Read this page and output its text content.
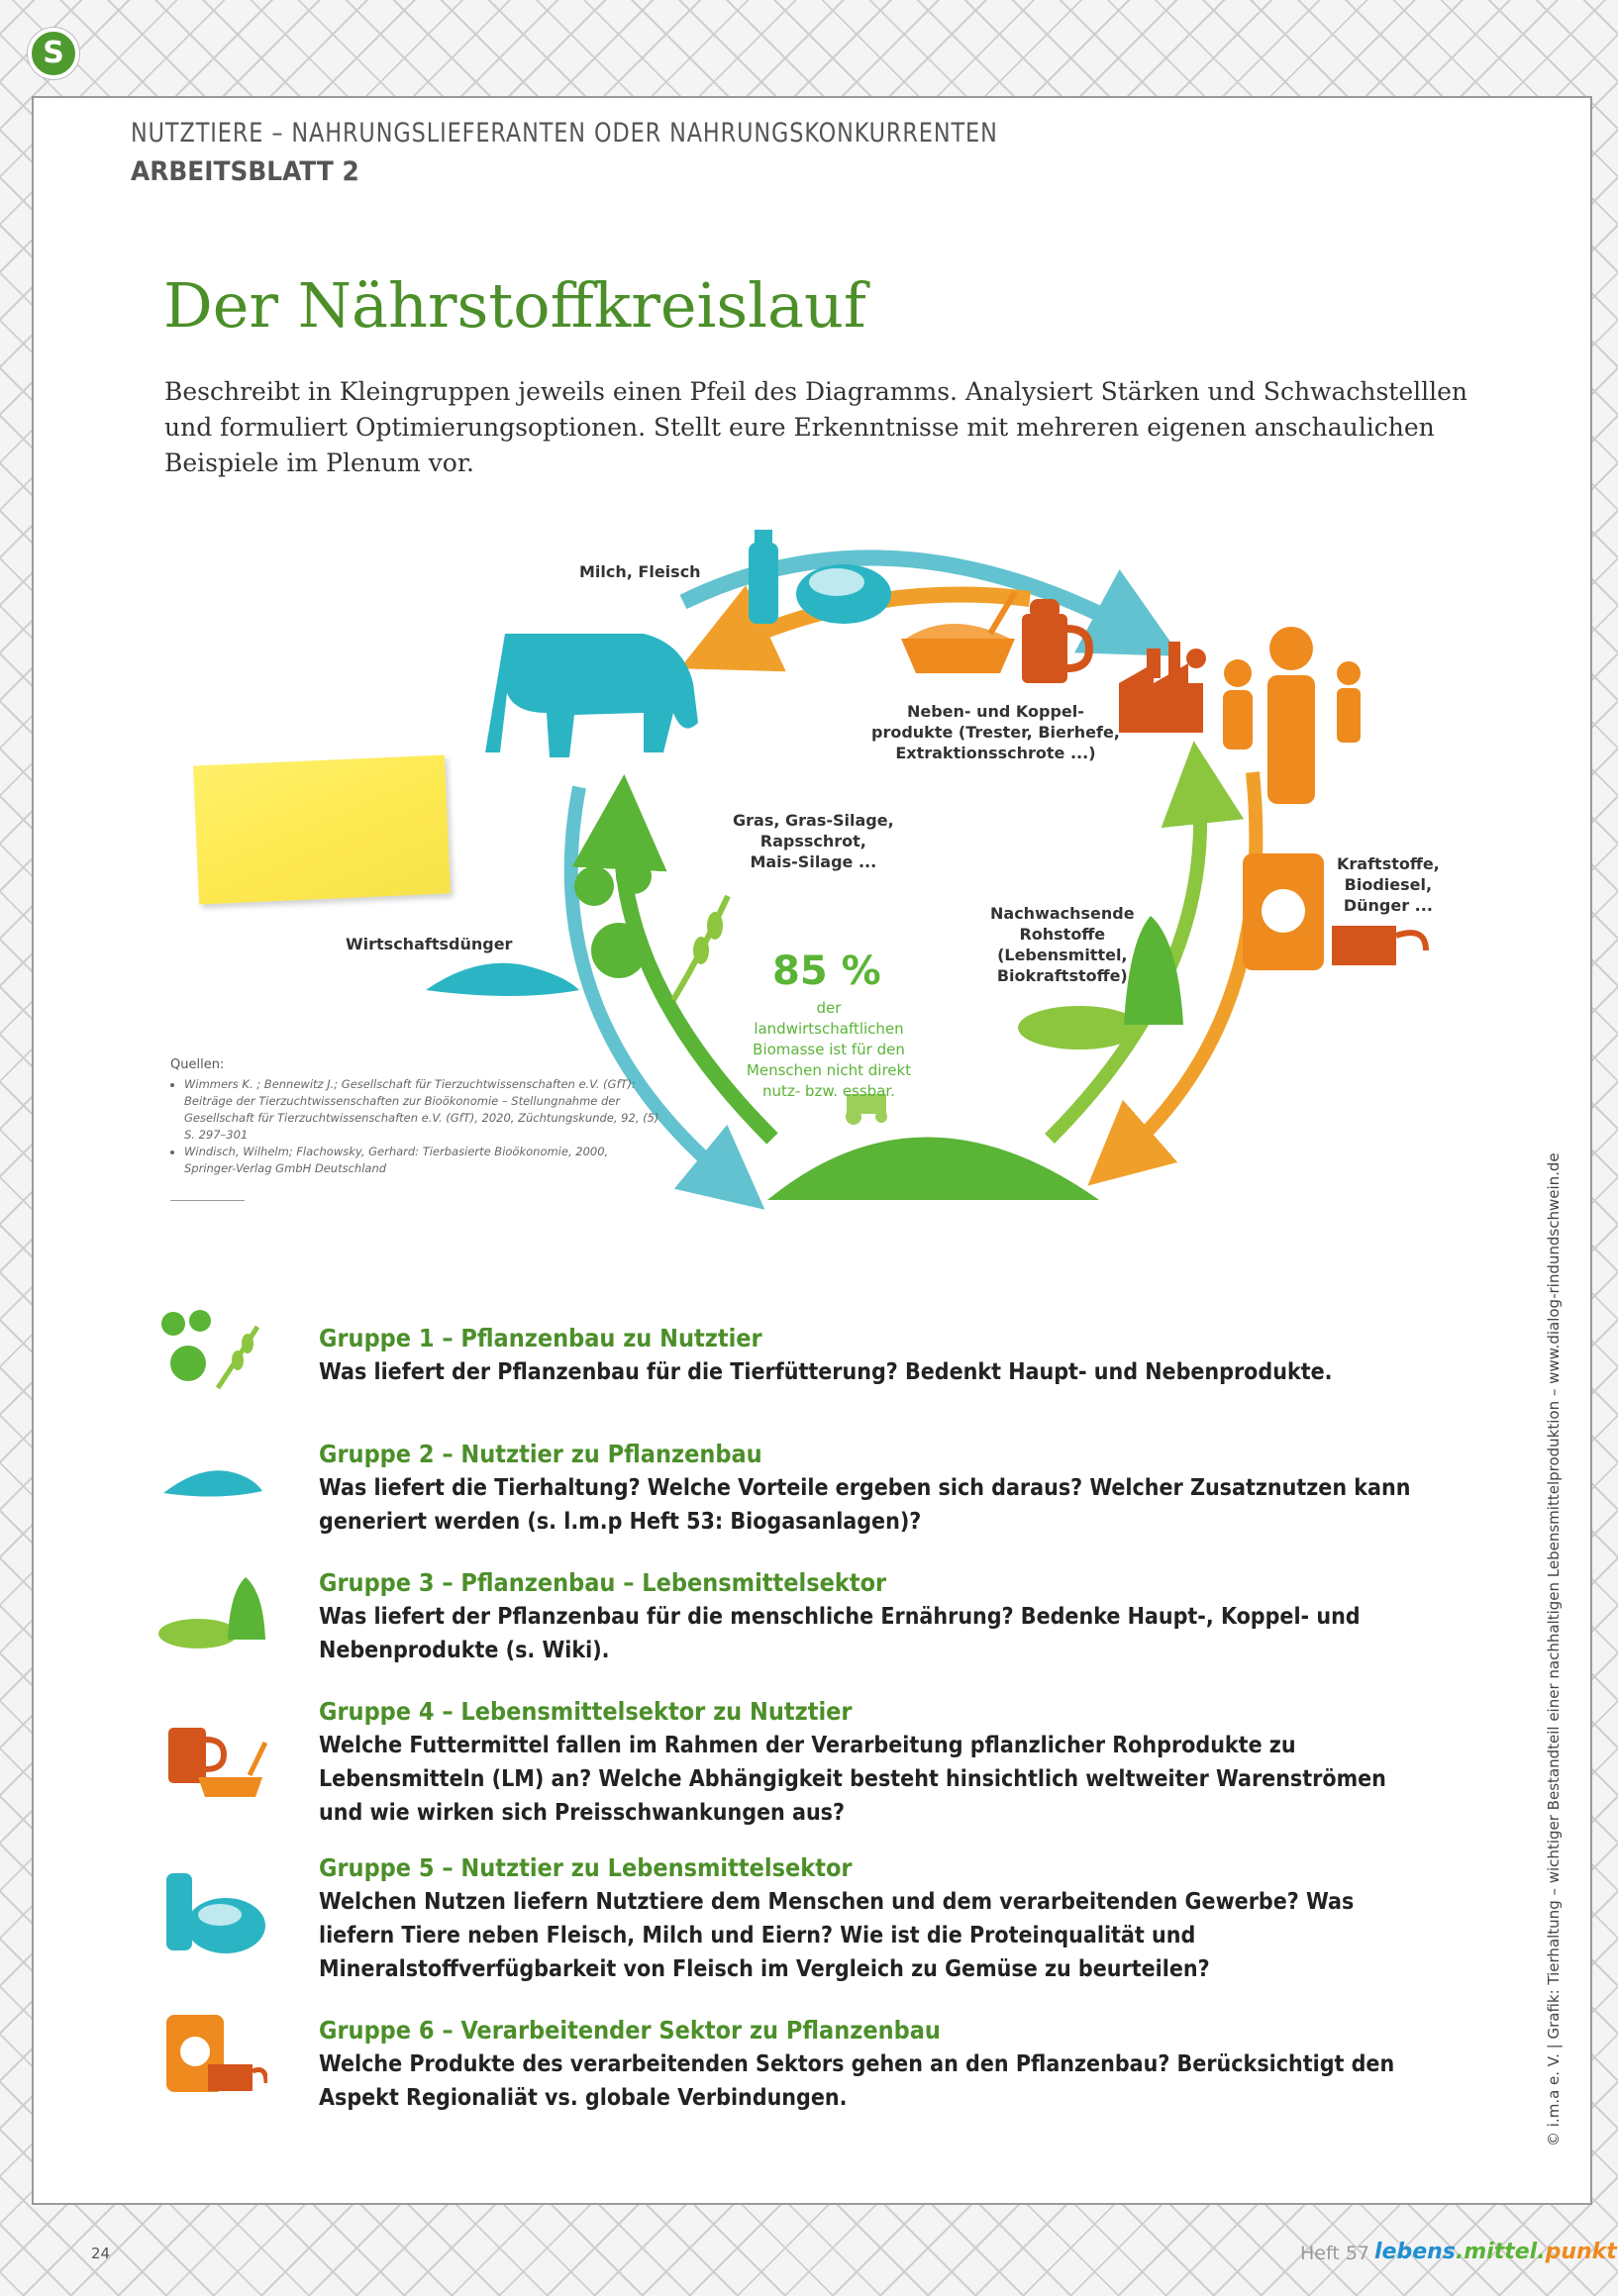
S
NUTZTIERE – NAHRUNGSLIEFERANTEN ODER NAHRUNGSKONKURRENTEN
ARBEITSBLATT 2
Der Nährstoffkreislauf
Beschreibt in Kleingruppen jeweils einen Pfeil des Diagramms. Analysiert Stärken und Schwachstelllen und formuliert Optimierungsoptionen. Stellt eure Erkenntnisse mit mehreren eigenen anschaulichen Beispiele im Plenum vor.
Milch, Fleisch
Neben- und Koppel-
produkte (Trester, Bierhefe,
Extraktionsschrote ...)
Gras, Gras-Silage,
Rapsschrot,
Mais-Silage ...	Kraftstoffe,
Biodiesel,
Dünger ...
Wirtschaftsdünger
Nachwachsende
Rohstoffe
(Lebensmittel,
Biokraftstoffe)
85 %
der landwirtschaftlichen
Biomasse ist für den
Menschen nicht direkt
nutz- bzw. essbar.
Quellen:
• Wimmers K. ; Bennewitz J.; Gesellschaft für Tierzuchtwissenschaften e.V. (GfT): Beiträge der Tierzuchtwissenschaften zur Bioökonomie – Stellungnahme der Gesellschaft für Tierzuchtwissenschaften e.V. (GfT), 2020, Züchtungskunde, 92, (5) S. 297–301
• Windisch, Wilhelm; Flachowsky, Gerhard: Tierbasierte Bioökonomie, 2000, Springer-Verlag GmbH Deutschland
Gruppe 1 – Pflanzenbau zu Nutztier
Was liefert der Pflanzenbau für die Tierfütterung? Bedenkt Haupt- und Nebenprodukte.
Gruppe 2 – Nutztier zu Pflanzenbau
Was liefert die Tierhaltung? Welche Vorteile ergeben sich daraus? Welcher Zusatznutzen kann generiert werden (s. l.m.p Heft 53: Biogasanlagen)?
Gruppe 3 – Pflanzenbau – Lebensmittelsektor
Was liefert der Pflanzenbau für die menschliche Ernährung? Bedenke Haupt-, Koppel- und Nebenprodukte (s. Wiki).
Gruppe 4 – Lebensmittelsektor zu Nutztier
Welche Futtermittel fallen im Rahmen der Verarbeitung pflanzlicher Rohprodukte zu Lebensmitteln (LM) an? Welche Abhängigkeit besteht hinsichtlich weltweiter Warenströmen und wie wirken sich Preisschwankungen aus?
Gruppe 5 – Nutztier zu Lebensmittelsektor
Welchen Nutzen liefern Nutztiere dem Menschen und dem verarbeitenden Gewerbe? Was liefern Tiere neben Fleisch, Milch und Eiern? Wie ist die Proteinqualität und Mineralstoffverfügbarkeit von Fleisch im Vergleich zu Gemüse zu beurteilen?
Gruppe 6 – Verarbeitender Sektor zu Pflanzenbau
Welche Produkte des verarbeitenden Sektors gehen an den Pflanzenbau? Berücksichtigt den Aspekt Regionaliät vs. globale Verbindungen.	© i.m.a e. V. | Grafik: Tierhaltung – wichtiger Bestandteil einer nachhaltigen Lebensmittelproduktion – www.dialog-rindundschwein.de
24	Heft 57 lebens.mittel.punkt
